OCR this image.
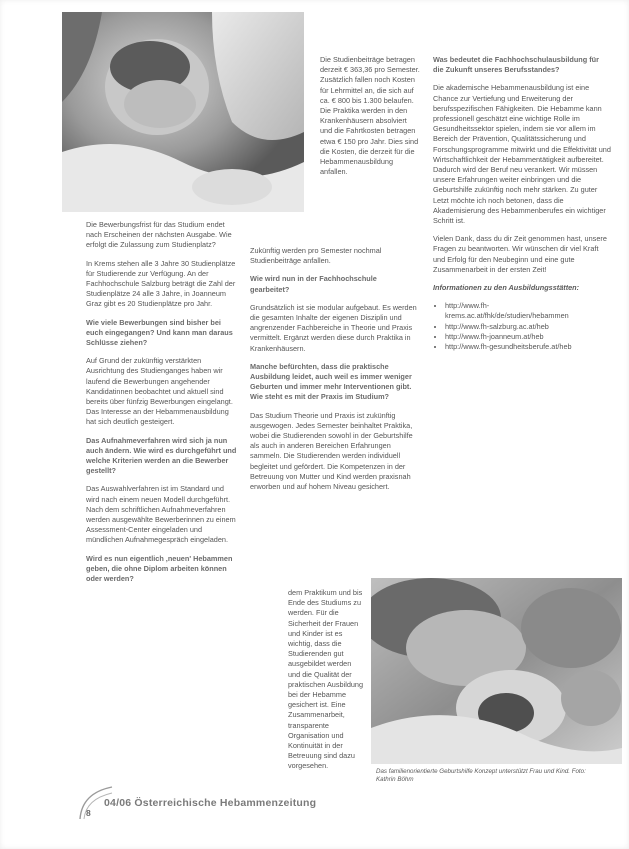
Das familienorientierte Geburtshilfe Konzept unterstützt Frau und Kind. Foto: Kathrin Böhm

Die Bewerbungsfrist für das Studium endet nach Erscheinen der nächsten Ausgabe. Wie erfolgt die Zulassung zum Studienplatz?

In Krems stehen alle 3 Jahre 30 Studienplätze für Studierende zur Verfügung. An der Fachhochschule Salzburg beträgt die Zahl der Studienplätze 24 alle 3 Jahre, in Joanneum Graz gibt es 20 Studienplätze pro Jahr.

Wie viele Bewerbungen sind bisher bei euch eingegangen? Und kann man daraus Schlüsse ziehen?

Auf Grund der zukünftig verstärkten Ausrichtung des Studienganges haben wir laufend die Bewerbungen angehender Kandidatinnen beobachtet und aktuell sind bereits über fünfzig Bewerbungen eingelangt. Das Interesse an der Hebammenausbildung hat sich deutlich gesteigert.

Das Aufnahmeverfahren wird sich ja nun auch ändern. Wie wird es durchgeführt und welche Kriterien werden an die Bewerber gestellt?

Das Auswahlverfahren ist im Standard und wird nach einem neuen Modell durchgeführt. Nach dem schriftlichen Aufnahmeverfahren werden ausgewählte Bewerberinnen zu einem Assessment-Center eingeladen und mündlichen Aufnahmegespräch eingeladen.

Wird es nun eigentlich ‚neuen' Hebammen geben, die ohne Diplom arbeiten können oder werden?

Die Studienbeiträge betragen derzeit € 363,36 pro Semester. Zusätzlich fallen noch Kosten für Lehrmittel an, die sich auf ca. € 800 bis 1.300 belaufen. Die Praktika werden in den Krankenhäusern absolviert und die Fahrtkosten betragen etwa € 150 pro Jahr. Dies sind die Kosten, die derzeit für die Hebammenausbildung anfallen.

Zukünftig werden pro Semester nochmal Studienbeiträge anfallen.

Wie wird nun in der Fachhochschule gearbeitet?

Grundsätzlich ist sie modular aufgebaut. Es werden die gesamten Inhalte der eigenen Disziplin und angrenzender Fachbereiche in Theorie und Praxis vermittelt. Ergänzt werden diese durch Praktika in Krankenhäusern.

Manche befürchten, dass die praktische Ausbildung leidet, auch weil es immer weniger Geburten und immer mehr Interventionen gibt. Wie steht es mit der Praxis im Studium?

Das Studium Theorie und Praxis ist zukünftig ausgewogen. Jedes Semester beinhaltet Praktika, wobei die Studierenden sowohl in der Geburtshilfe als auch in anderen Bereichen Erfahrungen sammeln. Die Studierenden werden individuell begleitet und gefördert. Die Kompetenzen in der Betreuung von Mutter und Kind werden praxisnah erworben und auf hohem Niveau gesichert.

dem Praktikum und bis Ende des Studiums zu werden. Für die Sicherheit der Frauen und Kinder ist es wichtig, dass die Studierenden gut ausgebildet werden und die Qualität der praktischen Ausbildung bei der Hebamme gesichert ist. Eine Zusammenarbeit, transparente Organisation und Kontinuität in der Betreuung sind dazu vorgesehen.

Was bedeutet die Fachhochschulausbildung für die Zukunft unseres Berufsstandes?

Die akademische Hebammenausbildung ist eine Chance zur Vertiefung und Erweiterung der berufsspezifischen Fähigkeiten. Die Hebamme kann professionell geschätzt eine wichtige Rolle im Gesundheitssektor spielen, indem sie vor allem im Bereich der Prävention, Qualitätssicherung und Forschungsprogramme mitwirkt und die Effektivität und Wirtschaftlichkeit der Hebammentätigkeit aufbereitet. Dadurch wird der Beruf neu verankert. Wir müssen unsere Erfahrungen weiter einbringen und die Geburtshilfe zukünftig noch mehr stärken. Zu guter Letzt möchte ich noch betonen, dass die Akademisierung des Hebammenberufes ein wichtiger Schritt ist.

Vielen Dank, dass du dir Zeit genommen hast, unsere Fragen zu beantworten. Wir wünschen dir viel Kraft und Erfolg für den Neubeginn und eine gute Zusammenarbeit in der ersten Zeit!

Informationen zu den Ausbildungsstätten:

• http://www.fh-krems.ac.at/fhk/de/studien/hebammen
• http://www.fh-salzburg.ac.at/heb
• http://www.fh-joanneum.at/heb
• http://www.fh-gesundheitsberufe.at/heb
8
04/06 Österreichische Hebammenzeitung
